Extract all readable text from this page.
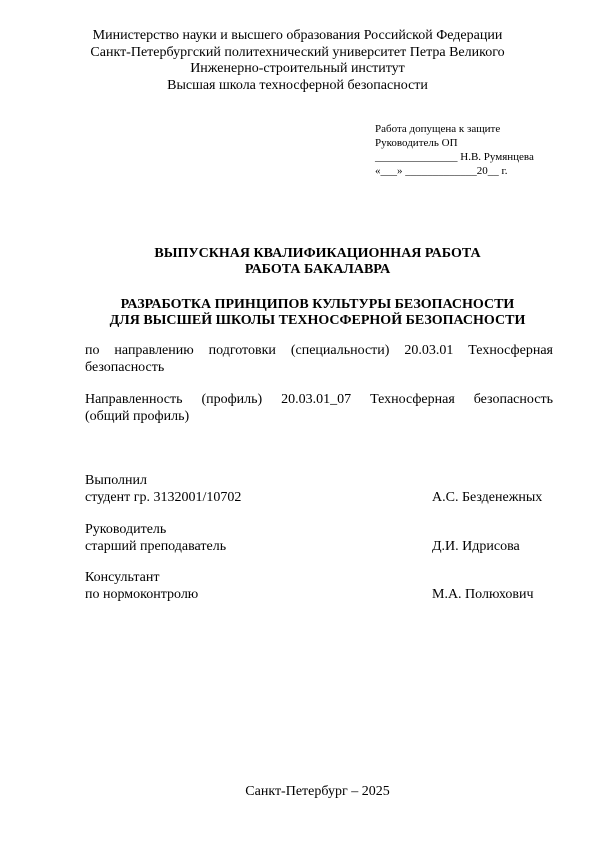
Министерство науки и высшего образования Российской Федерации
Санкт-Петербургский политехнический университет Петра Великого
Инженерно-строительный институт
Высшая школа техносферной безопасности
Работа допущена к защите
Руководитель ОП
_______________ Н.В. Румянцева
«___» _____________20__ г.
ВЫПУСКНАЯ КВАЛИФИКАЦИОННАЯ РАБОТА
РАБОТА БАКАЛАВРА
РАЗРАБОТКА ПРИНЦИПОВ КУЛЬТУРЫ БЕЗОПАСНОСТИ
ДЛЯ ВЫСШЕЙ ШКОЛЫ ТЕХНОСФЕРНОЙ БЕЗОПАСНОСТИ
по направлению подготовки (специальности) 20.03.01 Техносферная
безопасность
Направленность (профиль) 20.03.01_07 Техносферная безопасность
(общий профиль)
Выполнил
студент гр. 3132001/10702	А.С. Безденежных
Руководитель
старший преподаватель	Д.И. Идрисова
Консультант
по нормоконтролю	М.А. Полюхович
Санкт-Петербург – 2025
